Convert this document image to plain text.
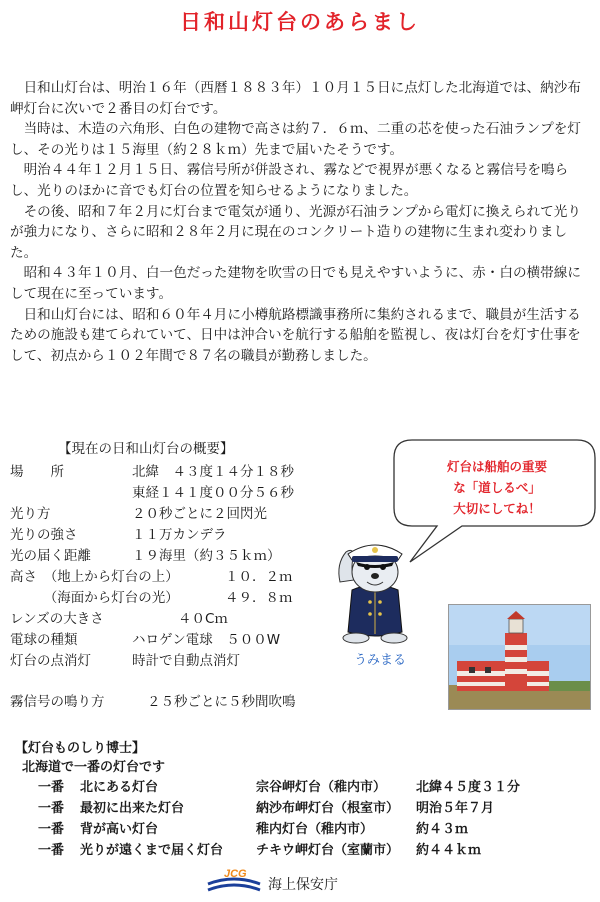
日和山灯台のあらまし

日和山灯台は、明治１６年（西暦１８８３年）１０月１５日に点灯した北海道では、納沙布岬灯台に次いで２番目の灯台です。

当時は、木造の六角形、白色の建物で高さは約７．６ｍ、二重の芯を使った石油ランプを灯し、その光りは１５海里（約２８ｋｍ）先まで届いたそうです。

明治４４年１２月１５日、霧信号所が併設され、霧などで視界が悪くなると霧信号を鳴らし、光りのほかに音でも灯台の位置を知らせるようになりました。

その後、昭和７年２月に灯台まで電気が通り、光源が石油ランプから電灯に換えられて光りが強力になり、さらに昭和２８年２月に現在のコンクリート造りの建物に生まれ変わりました。

昭和４３年１０月、白一色だった建物を吹雪の日でも見えやすいように、赤・白の横帯線にして現在に至っています。

日和山灯台には、昭和６０年４月に小樽航路標識事務所に集約されるまで、職員が生活するための施設も建てられていて、日中は沖合いを航行する船舶を監視し、夜は灯台を灯す仕事をして、初点から１０２年間で８７名の職員が勤務しました。

【現在の日和山灯台の概要】
場　　所	北緯　４３度１４分１８秒
東経１４１度００分５６秒
光り方	２０秒ごとに２回閃光
光りの強さ	１１万カンデラ
光の届く距離	１９海里（約３５ｋｍ）
高さ　（地上から灯台の上）	１０．２ｍ
　　　（海面から灯台の光）	４９．８ｍ
レンズの大きさ	４０Cｍ
電球の種類	ハロゲン電球　５００W
灯台の点消灯	時計で自動点消灯
霧信号の鳴り方	２５秒ごとに５秒間吹鳴
灯台は船舶の重要
な「道しるべ」
大切にしてね！
うみまる
【灯台ものしり博士】
北海道で一番の灯台です
一番 北にある灯台	宗谷岬灯台（稚内市） 北緯４５度３１分
一番 最初に出来た灯台	納沙布岬灯台（根室市） 明治５年７月
一番 背が高い灯台	稚内灯台（稚内市）	約４３ｍ
一番 光りが遠くまで届く灯台	チキウ岬灯台（室蘭市） 約４４ｋｍ
JCG
海上保安庁
